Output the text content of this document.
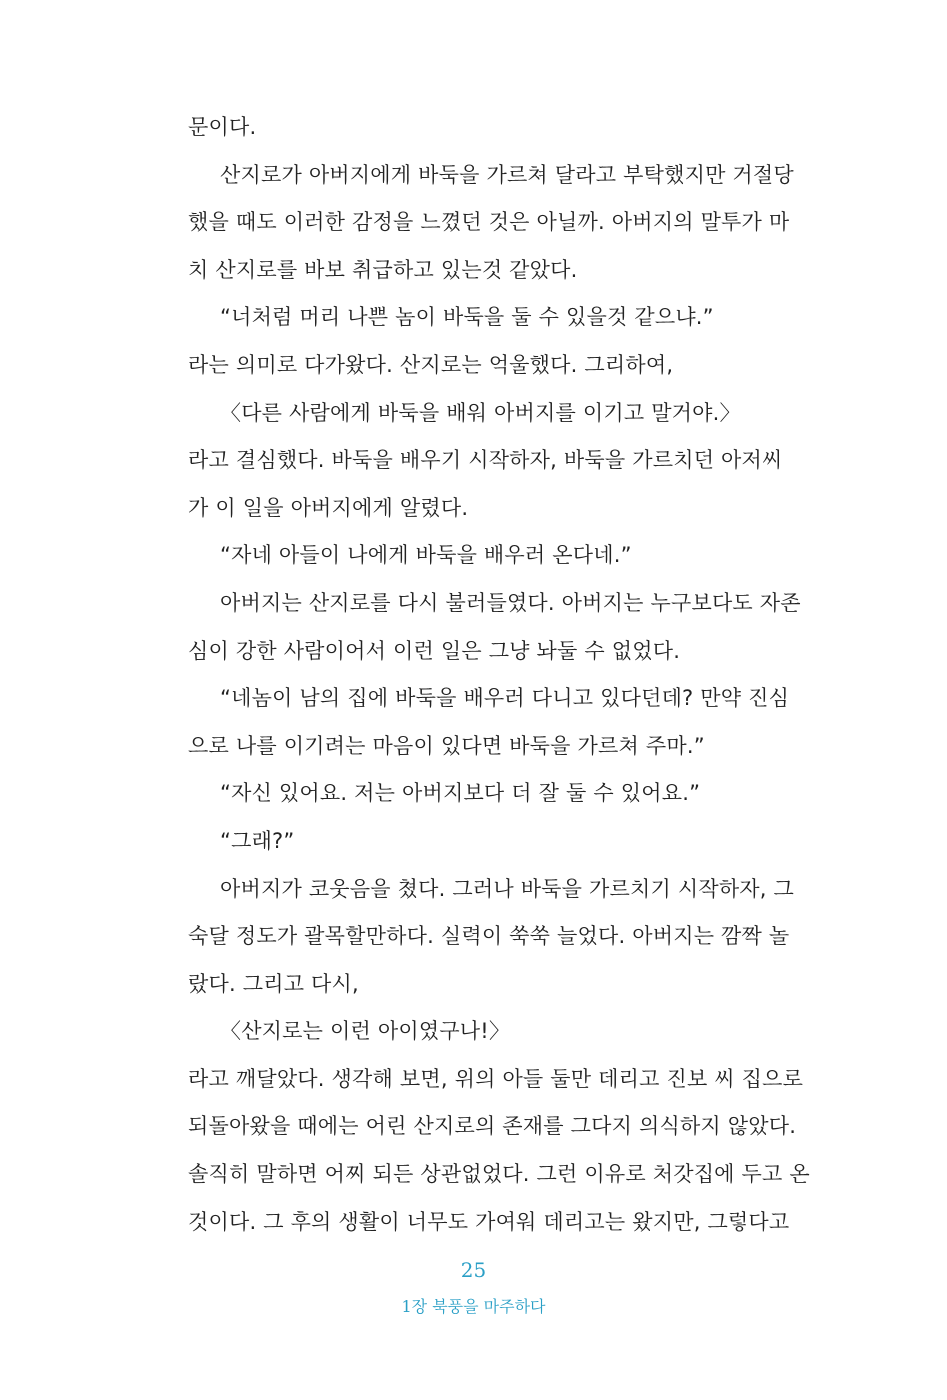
문이다.
산지로가 아버지에게 바둑을 가르쳐 달라고 부탁했지만 거절당
했을 때도 이러한 감정을 느꼈던 것은 아닐까. 아버지의 말투가 마
치 산지로를 바보 취급하고 있는것 같았다.
“너처럼 머리 나쁜 놈이 바둑을 둘 수 있을것 같으냐.”
라는 의미로 다가왔다. 산지로는 억울했다. 그리하여,
〈다른 사람에게 바둑을 배워 아버지를 이기고 말거야.〉
라고 결심했다. 바둑을 배우기 시작하자, 바둑을 가르치던 아저씨
가 이 일을 아버지에게 알렸다.
“자네 아들이 나에게 바둑을 배우러 온다네.”
아버지는 산지로를 다시 불러들였다. 아버지는 누구보다도 자존
심이 강한 사람이어서 이런 일은 그냥 놔둘 수 없었다.
“네놈이 남의 집에 바둑을 배우러 다니고 있다던데? 만약 진심
으로 나를 이기려는 마음이 있다면 바둑을 가르쳐 주마.”
“자신 있어요. 저는 아버지보다 더 잘 둘 수 있어요.”
“그래?”
아버지가 코웃음을 쳤다. 그러나 바둑을 가르치기 시작하자, 그
숙달 정도가 괄목할만하다. 실력이 쑥쑥 늘었다. 아버지는 깜짝 놀
랐다. 그리고 다시,
〈산지로는 이런 아이였구나!〉
라고 깨달았다. 생각해 보면, 위의 아들 둘만 데리고 진보 씨 집으로
되돌아왔을 때에는 어린 산지로의 존재를 그다지 의식하지 않았다.
솔직히 말하면 어찌 되든 상관없었다. 그런 이유로 처갓집에 두고 온
것이다. 그 후의 생활이 너무도 가여워 데리고는 왔지만, 그렇다고
25
1장 북풍을 마주하다
